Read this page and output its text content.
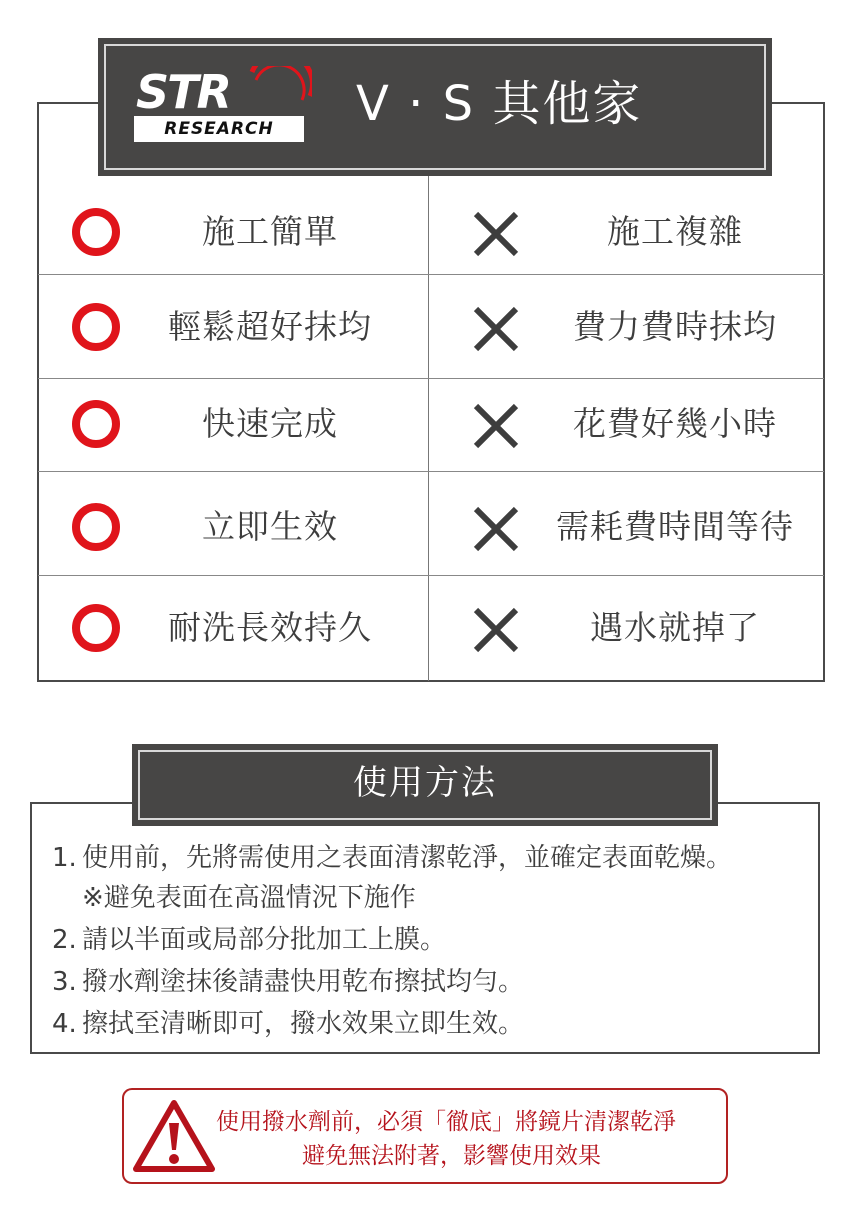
STR
RESEARCH	V · S 其他家
施工簡單	施工複雜
輕鬆超好抹均	費力費時抹均
快速完成	花費好幾小時
立即生效	需耗費時間等待
耐洗長效持久	遇水就掉了
使用方法
1. 使用前，先將需使用之表面清潔乾淨，並確定表面乾燥。
※避免表面在高溫情況下施作
2. 請以半面或局部分批加工上膜。
3. 撥水劑塗抹後請盡快用乾布擦拭均勻。
4. 擦拭至清晰即可，撥水效果立即生效。
使用撥水劑前，必須「徹底」將鏡片清潔乾淨
避免無法附著，影響使用效果
